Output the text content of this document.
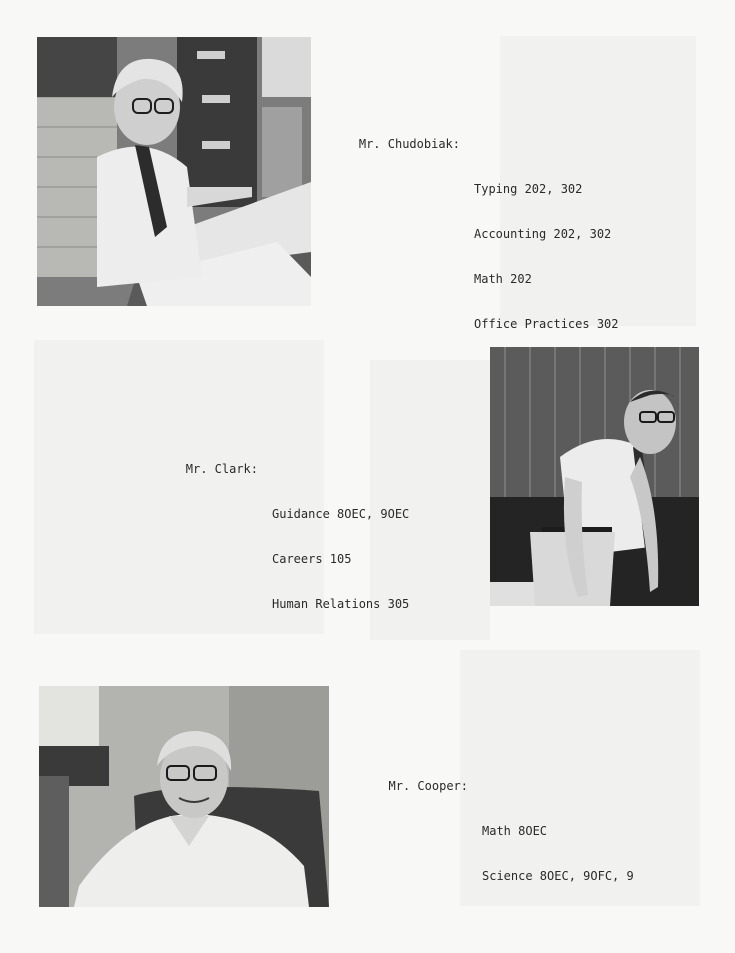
Mr. Chudobiak:

Typing 202, 302

Accounting 202, 302

Math 202

Office Practices 302

Mr. Clark:

Guidance 8OEC, 9OEC

Careers 105

Human Relations 305

Mr. Cooper:

Math 8OEC

Science 8OEC, 9OFC, 9
